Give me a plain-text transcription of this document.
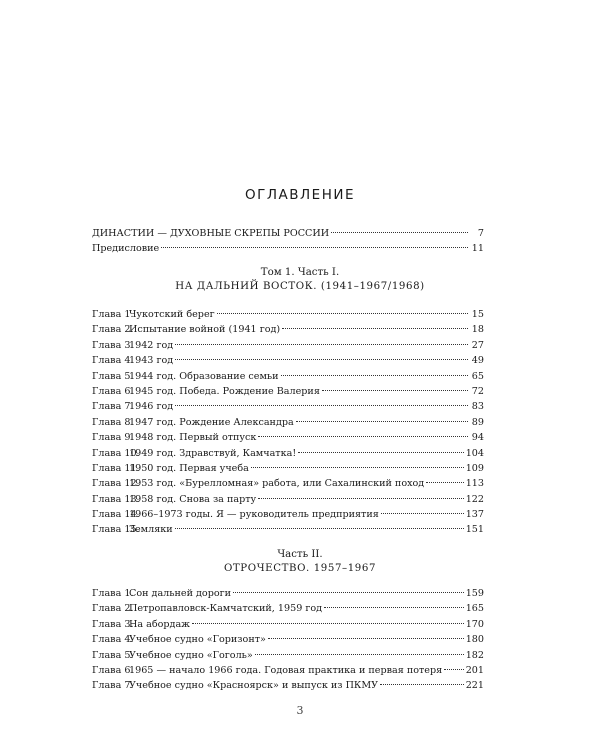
ОГЛАВЛЕНИЕ
ДИНАСТИИ — ДУХОВНЫЕ СКРЕПЫ РОССИИ	7
Предисловие	11
Том 1. Часть I.
НА ДАЛЬНИЙ ВОСТОК. (1941–1967/1968)
Глава 1.Чукотский берег	15
Глава 2.Испытание войной (1941 год)	18
Глава 3.1942 год	27
Глава 4.1943 год	49
Глава 5.1944 год. Образование семьи	65
Глава 6.1945 год. Победа. Рождение Валерия	72
Глава 7.1946 год	83
Глава 8.1947 год. Рождение Александра	89
Глава 9.1948 год. Первый отпуск	94
Глава 10.1949 год. Здравствуй, Камчатка!	104
Глава 11.1950 год. Первая учеба	109
Глава 12.1953 год. «Бурелломная» работа, или Сахалинский поход	113
Глава 13.1958 год. Снова за парту	122
Глава 14.1966–1973 годы. Я — руководитель предприятия	137
Глава 15.Земляки	151
Часть II.
ОТРОЧЕСТВО. 1957–1967
Глава 1.Сон дальней дороги	159
Глава 2.Петропавловск-Камчатский, 1959 год	165
Глава 3.На абордаж	170
Глава 4.Учебное судно «Горизонт»	180
Глава 5.Учебное судно «Гоголь»	182
Глава 6.1965 — начало 1966 года. Годовая практика и первая потеря 201
Глава 7.Учебное судно «Красноярск» и выпуск из ПКМУ	221
3
